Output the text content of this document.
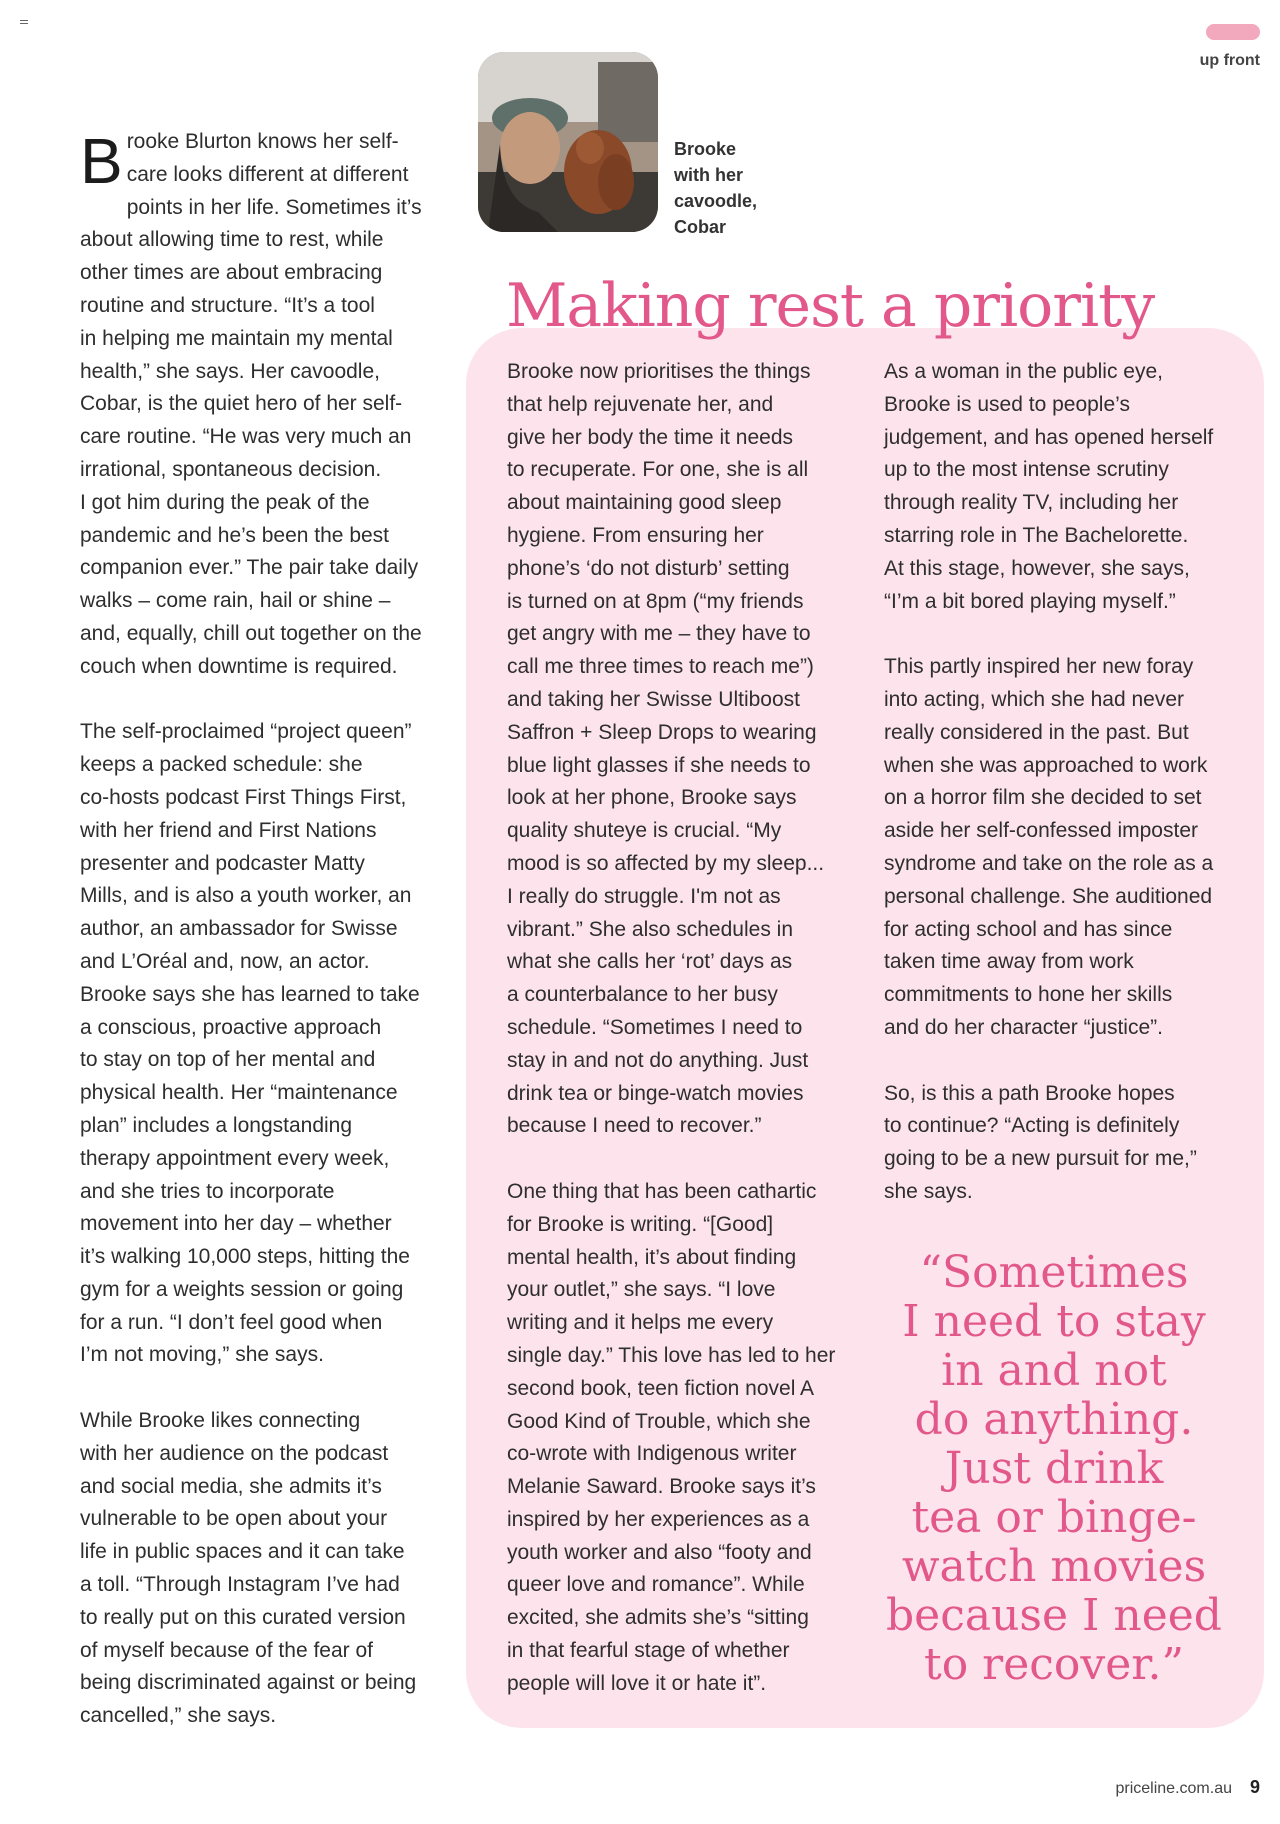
up front
Brooke
with her
cavoodle,
Cobar
Making rest a priority

B rooke Blurton knows her self-
care looks different at different
points in her life. Sometimes it’s
about allowing time to rest, while
other times are about embracing
routine and structure. “It’s a tool
in helping me maintain my mental
health,” she says. Her cavoodle,
Cobar, is the quiet hero of her self-
care routine. “He was very much an
irrational, spontaneous decision.
I got him during the peak of the
pandemic and he’s been the best
companion ever.” The pair take daily
walks – come rain, hail or shine –
and, equally, chill out together on the
couch when downtime is required.

The self-proclaimed “project queen”
keeps a packed schedule: she
co-hosts podcast First Things First,
with her friend and First Nations
presenter and podcaster Matty
Mills, and is also a youth worker, an
author, an ambassador for Swisse
and L’Oréal and, now, an actor.
Brooke says she has learned to take
a conscious, proactive approach
to stay on top of her mental and
physical health. Her “maintenance
plan” includes a longstanding
therapy appointment every week,
and she tries to incorporate
movement into her day – whether
it’s walking 10,000 steps, hitting the
gym for a weights session or going
for a run. “I don’t feel good when
I’m not moving,” she says.

While Brooke likes connecting
with her audience on the podcast
and social media, she admits it’s
vulnerable to be open about your
life in public spaces and it can take
a toll. “Through Instagram I’ve had
to really put on this curated version
of myself because of the fear of
being discriminated against or being
cancelled,” she says.

Brooke now prioritises the things
that help rejuvenate her, and
give her body the time it needs
to recuperate. For one, she is all
about maintaining good sleep
hygiene. From ensuring her
phone’s ‘do not disturb’ setting
is turned on at 8pm (“my friends
get angry with me – they have to
call me three times to reach me”)
and taking her Swisse Ultiboost
Saffron + Sleep Drops to wearing
blue light glasses if she needs to
look at her phone, Brooke says
quality shuteye is crucial. “My
mood is so affected by my sleep...
I really do struggle. I'm not as
vibrant.” She also schedules in
what she calls her ‘rot’ days as
a counterbalance to her busy
schedule. “Sometimes I need to
stay in and not do anything. Just
drink tea or binge-watch movies
because I need to recover.”

One thing that has been cathartic
for Brooke is writing. “[Good]
mental health, it’s about finding
your outlet,” she says. “I love
writing and it helps me every
single day.” This love has led to her
second book, teen fiction novel A
Good Kind of Trouble, which she
co-wrote with Indigenous writer
Melanie Saward. Brooke says it’s
inspired by her experiences as a
youth worker and also “footy and
queer love and romance”. While
excited, she admits she’s “sitting
in that fearful stage of whether
people will love it or hate it”.

As a woman in the public eye,
Brooke is used to people’s
judgement, and has opened herself
up to the most intense scrutiny
through reality TV, including her
starring role in The Bachelorette.
At this stage, however, she says,
“I’m a bit bored playing myself.”

This partly inspired her new foray
into acting, which she had never
really considered in the past. But
when she was approached to work
on a horror film she decided to set
aside her self-confessed imposter
syndrome and take on the role as a
personal challenge. She auditioned
for acting school and has since
taken time away from work
commitments to hone her skills
and do her character “justice”.

So, is this a path Brooke hopes
to continue? “Acting is definitely
going to be a new pursuit for me,”
she says.

“Sometimes
I need to stay
in and not
do anything.
Just drink
tea or binge-
watch movies
because I need
to recover.”
priceline.com.au 9
